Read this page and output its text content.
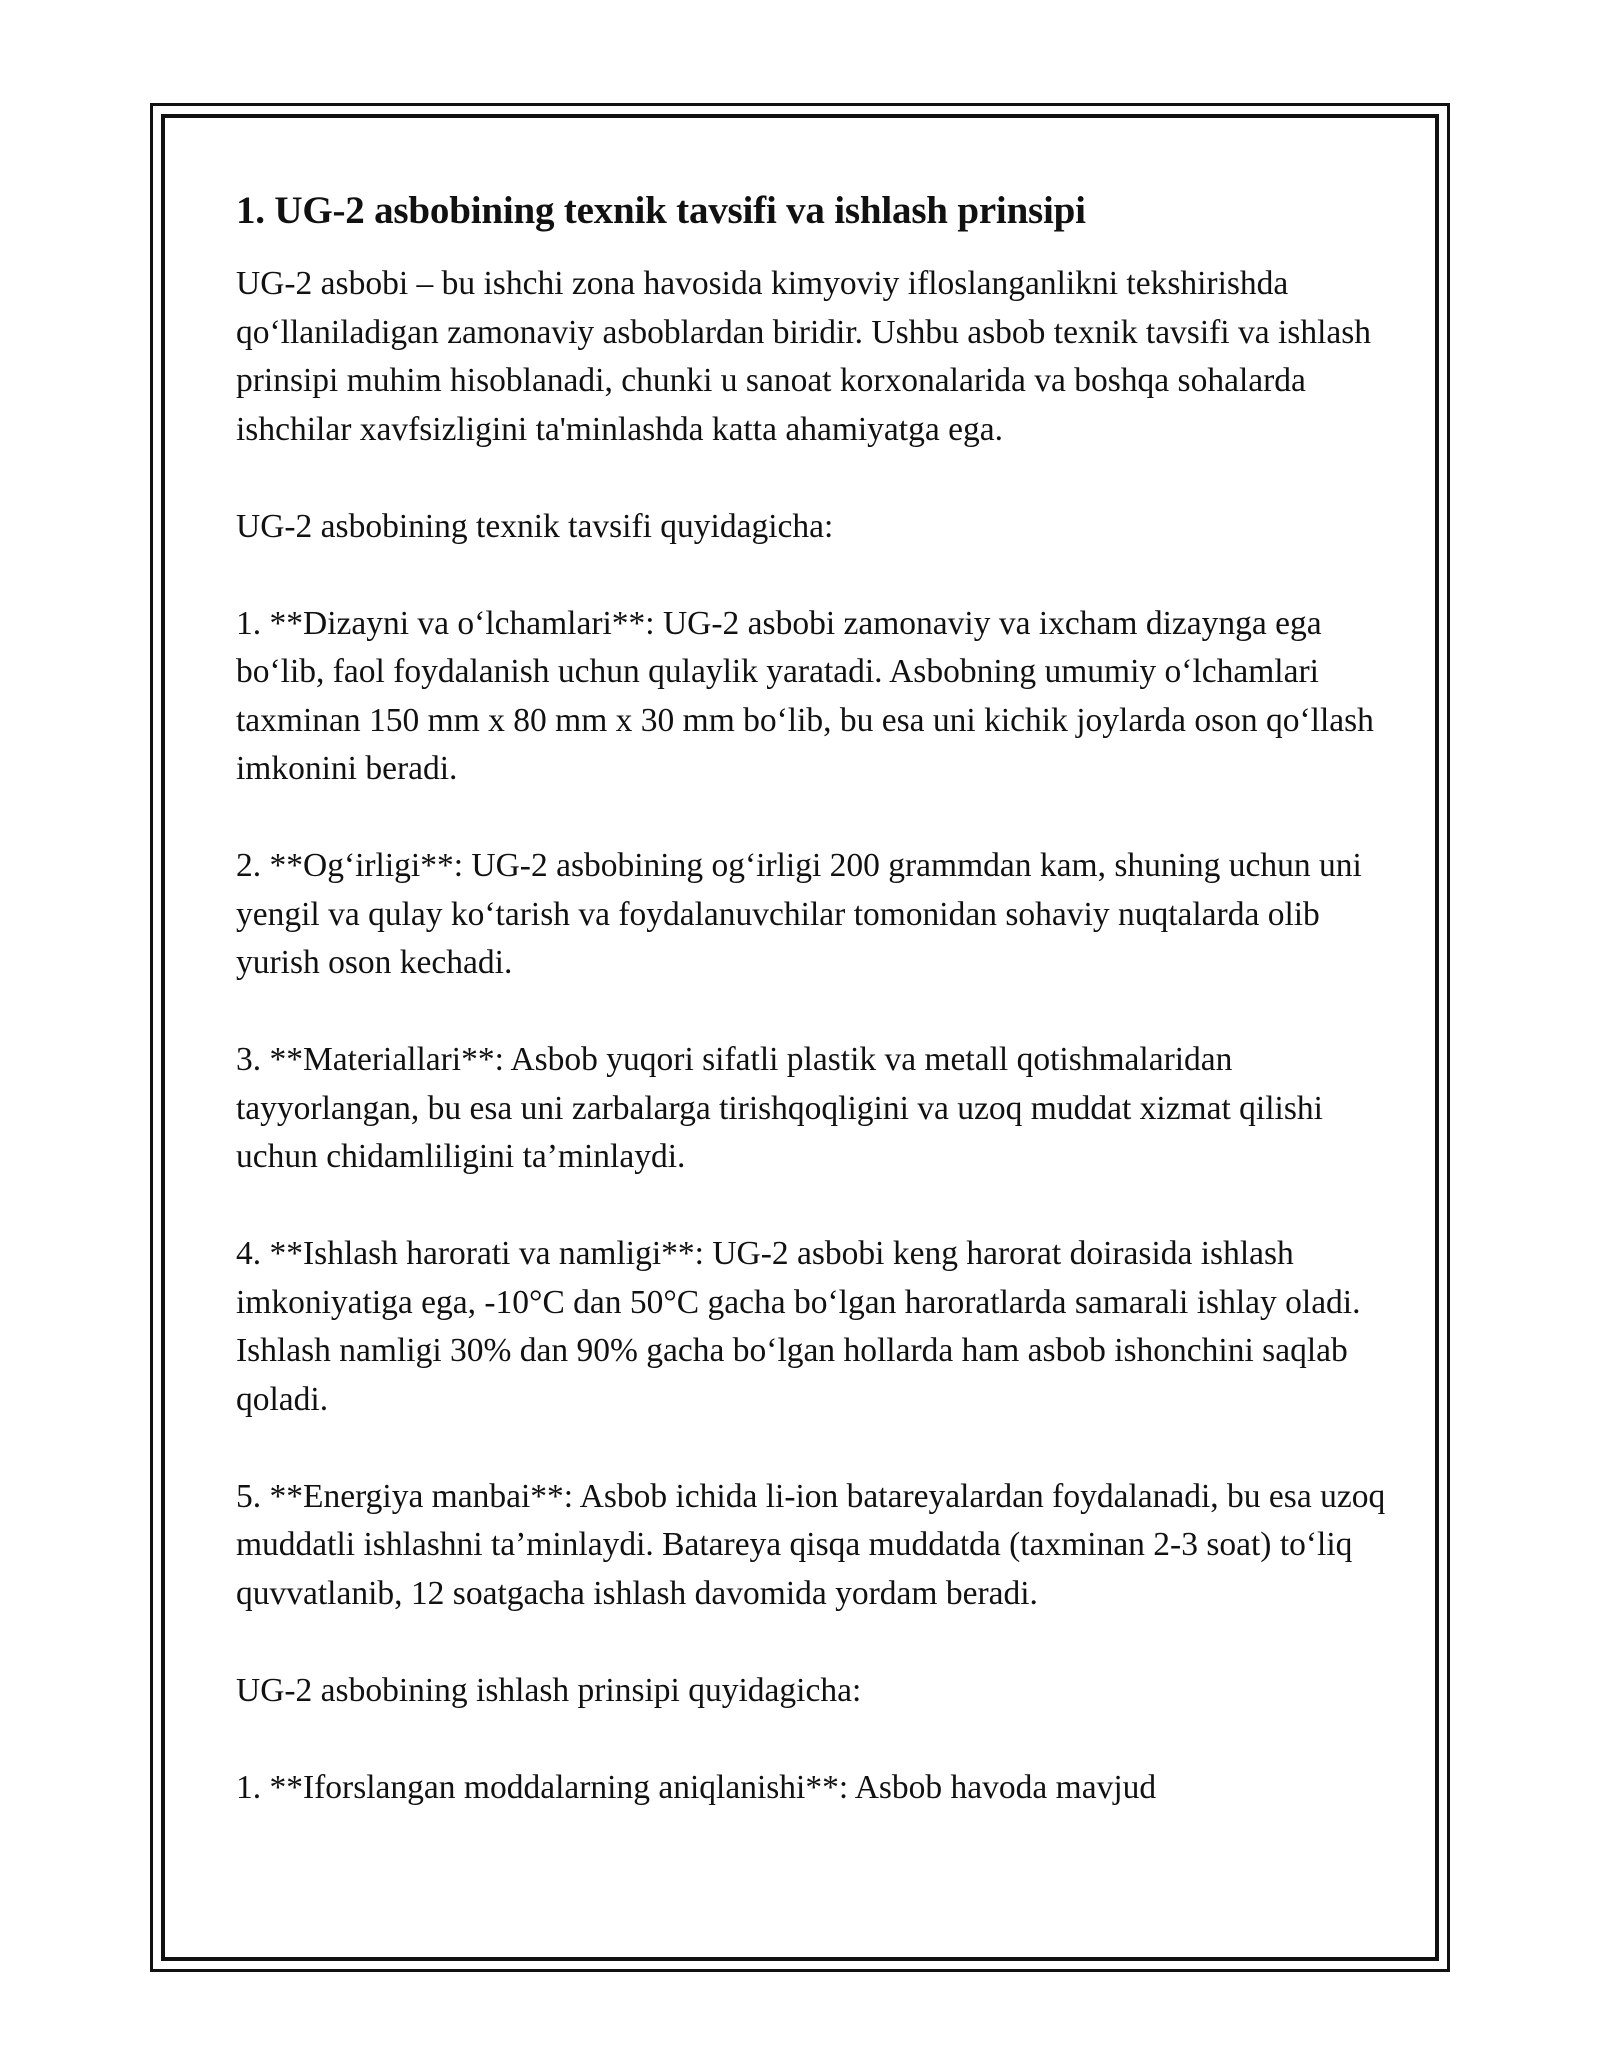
1. UG-2 asbobining texnik tavsifi va ishlash prinsipi

UG-2 asbobi – bu ishchi zona havosida kimyoviy ifloslanganlikni tekshirishda qo‘llaniladigan zamonaviy asboblardan biridir. Ushbu asbob texnik tavsifi va ishlash prinsipi muhim hisoblanadi, chunki u sanoat korxonalarida va boshqa sohalarda ishchilar xavfsizligini ta'minlashda katta ahamiyatga ega.

UG-2 asbobining texnik tavsifi quyidagicha:

1. **Dizayni va o‘lchamlari**: UG-2 asbobi zamonaviy va ixcham dizaynga ega bo‘lib, faol foydalanish uchun qulaylik yaratadi. Asbobning umumiy o‘lchamlari taxminan 150 mm x 80 mm x 30 mm bo‘lib, bu esa uni kichik joylarda oson qo‘llash imkonini beradi.

2. **Og‘irligi**: UG-2 asbobining og‘irligi 200 grammdan kam, shuning uchun uni yengil va qulay ko‘tarish va foydalanuvchilar tomonidan sohaviy nuqtalarda olib yurish oson kechadi.

3. **Materiallari**: Asbob yuqori sifatli plastik va metall qotishmalaridan tayyorlangan, bu esa uni zarbalarga tirishqoqligini va uzoq muddat xizmat qilishi uchun chidamliligini ta’minlaydi.

4. **Ishlash harorati va namligi**: UG-2 asbobi keng harorat doirasida ishlash imkoniyatiga ega, -10°C dan 50°C gacha bo‘lgan haroratlarda samarali ishlay oladi. Ishlash namligi 30% dan 90% gacha bo‘lgan hollarda ham asbob ishonchini saqlab qoladi.

5. **Energiya manbai**: Asbob ichida li-ion batareyalardan foydalanadi, bu esa uzoq muddatli ishlashni ta’minlaydi. Batareya qisqa muddatda (taxminan 2-3 soat) to‘liq quvvatlanib, 12 soatgacha ishlash davomida yordam beradi.

UG-2 asbobining ishlash prinsipi quyidagicha:

1. **Iforslangan moddalarning aniqlanishi**: Asbob havoda mavjud
